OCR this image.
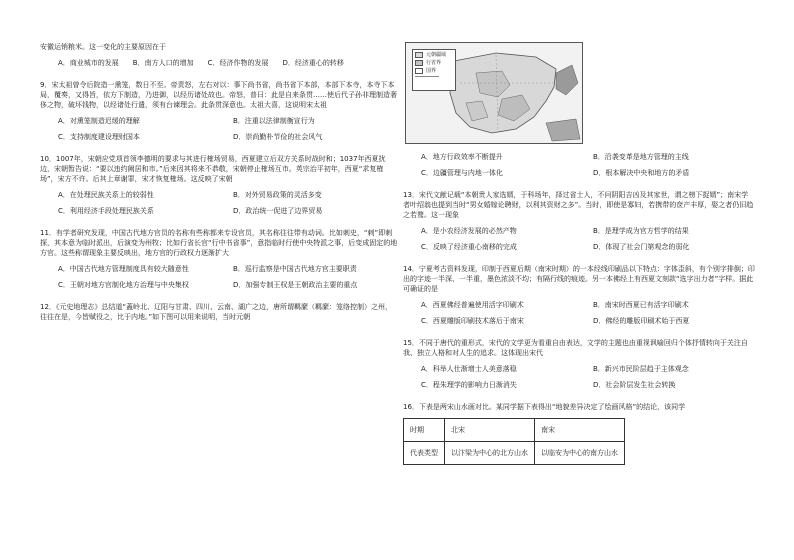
安徽运销粮米。这一变化的主要原因在于

A．商业城市的发展 B．南方人口的增加 C．经济作物的发展 D．经济重心的转移

9．宋太祖曾令后院造一熏笼，数日不至。帝责怒，左右对以：事下尚书省，尚书省下本部，本部下本寺，本寺下本局，覆奏，又得旨，依方下制造，乃进御，以经历诸处故也。帝怒，普曰：此是自来条贯……使后代子孙非理制造奢侈之物，破坏钱物，以经诸处行遣，须有台谏理会。此条贯深意也。太祖大喜，这说明宋太祖

A．对熏笼制造迟缓的理解	B．注重以法律制衡宣行为
C．支持制度建设理财国本	D．崇尚勤朴节俭的社会风气

10．1007年，宋朝应党项首领李德明的要求与其进行榷场贸易，西夏建立后双方关系时战时和；1037年西夏扰边，宋朝暂告说：“要以违约阙居和市。”后来因其将来不恭敬，宋朝停止榷场互市。英宗治平初年，西夏“求复榷场”，宋方不许。后其上章谢罪，宋才恢复榷场。这反映了宋朝

A．在处理民族关系上的较弱性	B．对外贸易政策的灵活多变
C．利用经济手段处理民族关系	D．政治统一促进了边界贸易

11．有学者研究发现，中国古代地方官员的名称有些称都来专设官员，其名称往往带有动词。比如刺史，“刺”即刺探，其本意为临时派出，后演变为州牧；比如行省长官“行中书省事”，意指临时行使中央特派之事，后变成固定的地方官。这些称谓现象主要反映出，地方官的行政权力逐渐扩大

A．中国古代地方管理制度具有较大随意性	B．巡行监察是中国古代地方官主要职责
C．王朝对地方官制化地方治理与中央集权	D．加强专制王权是王朝政治主要的重点

12．《元史地理志》总结道“蓋岭北、辽阳与甘肃、四川、云南、湖广之边，唐所谓羁縻（羁縻：笼络控制）之州，往往在是，今皆赋役之，比于内地。”如下图可以用来说明，当时元朝

元朝疆域
行省界
国界
A．地方行政效率不断提升	B．沿袭变革是地方管理的主线
C．边疆管理与内地一体化	D．根本解决中央和地方的矛盾

13．宋代文献记载“本朝贵人家选婿，于科场年，择过省士人，不问阴阳吉凶及其家世，谓之榜下捉婿”；南宋学者叶绍翁也提到当时“男女婚嫁论聘财，以利其资财之多”。当时，即使是寡妇，若携带的奁产丰厚，娶之者仍旧趋之若鹜。这一现象

A．是小农经济发展的必然产物	B．是理学成为官方哲学的结果
C．反映了经济重心南移的完成	D．体现了社会门第观念的弱化

14．宁夏考古资料发现，印制于西夏后期（南宋时期）的一本经线印刷品以下特点：字体歪斜，有个别字排倒；印出的字迹一半深、一半重，墨色浓淡不均；有隔行线的痕迹。另一本佛经上有西夏文刻款“选字出力者”字样。据此可确证的是

A．西夏佛经普遍使用活字印刷术	B．南宋时西夏已有活字印刷术
C．西夏雕版印刷技术落后于南宋	D．佛经的雕版印刷术始于西夏

15．不同于唐代的重形式，宋代的文学更为看重自由表达，文学的主题也由重视讽喻回归个体抒情转向于关注自我、独立人格和对人生的追求。这体现出宋代

A．科举人仕渐增士人美意落稳	B．新兴市民阶层趋于主体观念
C．程朱理学的影响力日渐消失	D．社会阶层发生社会转换

16．下表是两宋山水画对比。某同学据下表得出“地貌差异决定了绘画风格”的结论，该同学

时期	北宋	南宋
代表类型	以汴梁为中心的北方山水	以临安为中心的南方山水
